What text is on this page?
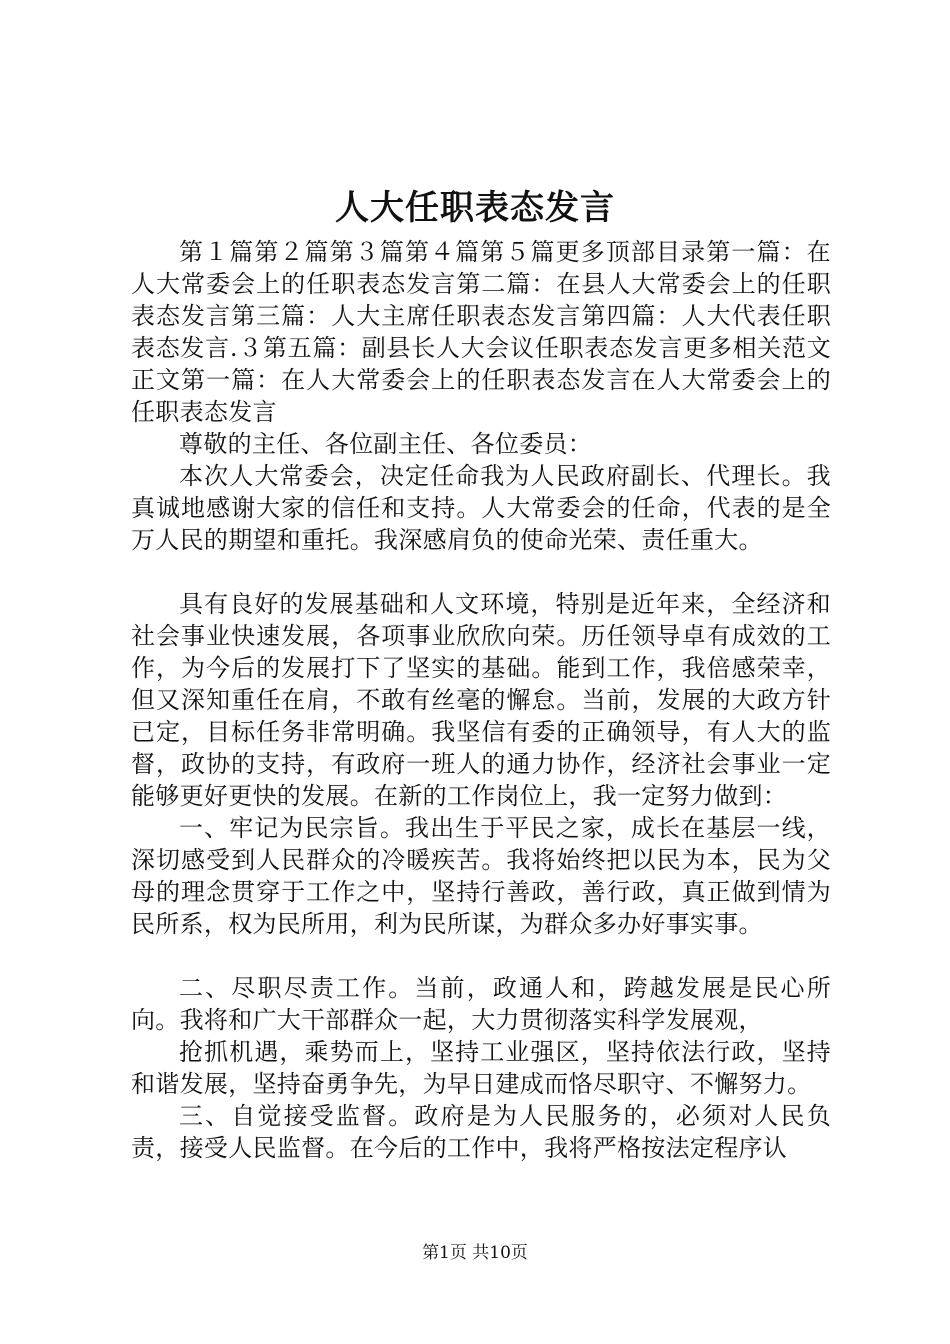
人大任职表态发言

第１篇第２篇第３篇第４篇第５篇更多顶部目录第一篇：在人大常委会上的任职表态发言第二篇：在县人大常委会上的任职表态发言第三篇：人大主席任职表态发言第四篇：人大代表任职表态发言.３第五篇：副县长人大会议任职表态发言更多相关范文正文第一篇：在人大常委会上的任职表态发言在人大常委会上的任职表态发言

尊敬的主任、各位副主任、各位委员：

本次人大常委会，决定任命我为人民政府副长、代理长。我真诚地感谢大家的信任和支持。人大常委会的任命，代表的是全万人民的期望和重托。我深感肩负的使命光荣、责任重大。

具有良好的发展基础和人文环境，特别是近年来，全经济和社会事业快速发展，各项事业欣欣向荣。历任领导卓有成效的工作，为今后的发展打下了坚实的基础。能到工作，我倍感荣幸，但又深知重任在肩，不敢有丝毫的懈怠。当前，发展的大政方针已定，目标任务非常明确。我坚信有委的正确领导，有人大的监督，政协的支持，有政府一班人的通力协作，经济社会事业一定能够更好更快的发展。在新的工作岗位上，我一定努力做到：

一、牢记为民宗旨。我出生于平民之家，成长在基层一线，深切感受到人民群众的冷暖疾苦。我将始终把以民为本，民为父母的理念贯穿于工作之中，坚持行善政，善行政，真正做到情为民所系，权为民所用，利为民所谋，为群众多办好事实事。

二、尽职尽责工作。当前，政通人和，跨越发展是民心所向。我将和广大干部群众一起，大力贯彻落实科学发展观，

抢抓机遇，乘势而上，坚持工业强区，坚持依法行政，坚持和谐发展，坚持奋勇争先，为早日建成而恪尽职守、不懈努力。

三、自觉接受监督。政府是为人民服务的，必须对人民负责，接受人民监督。在今后的工作中，我将严格按法定程序认

第1页 共10页
